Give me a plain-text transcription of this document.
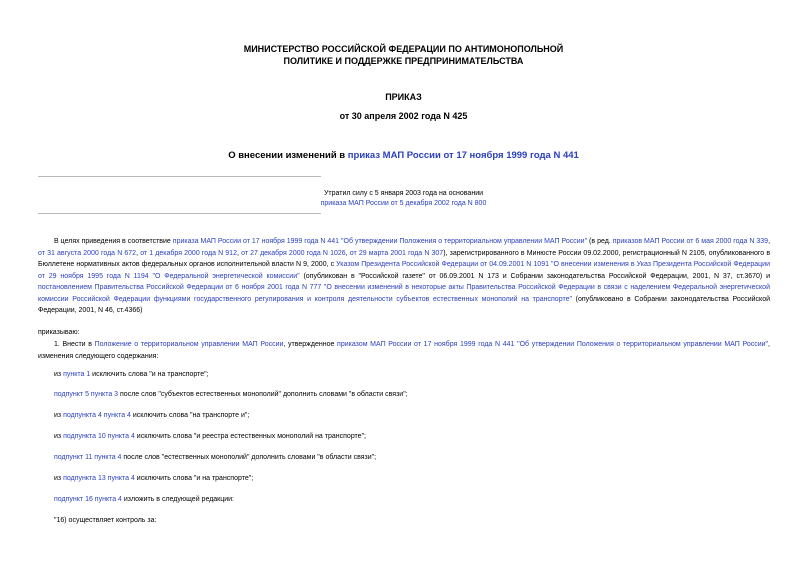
МИНИСТЕРСТВО РОССИЙСКОЙ ФЕДЕРАЦИИ ПО АНТИМОНОПОЛЬНОЙ
ПОЛИТИКЕ И ПОДДЕРЖКЕ ПРЕДПРИНИМАТЕЛЬСТВА
ПРИКАЗ
от 30 апреля 2002 года N 425
О внесении изменений в приказ МАП России от 17 ноября 1999 года N 441
Утратил силу с 5 января 2003 года на основании
приказа МАП России от 5 декабря 2002 года N 800
В целях приведения в соответствие приказа МАП России от 17 ноября 1999 года N 441 "Об утверждении Положения о территориальном управлении МАП России" (в ред. приказов МАП России от 6 мая 2000 года N 339, от 31 августа 2000 года N 672, от 1 декабря 2000 года N 912, от 27 декабря 2000 года N 1026, от 29 марта 2001 года N 307), зарегистрированного в Минюсте России 09.02.2000, регистрационный N 2105, опубликованного в Бюллетене нормативных актов федеральных органов исполнительной власти N 9, 2000, с Указом Президента Российской Федерации от 04.09.2001 N 1091 "О внесении изменения в Указ Президента Российской Федерации от 29 ноября 1995 года N 1194 "О Федеральной энергетической комиссии" (опубликован в "Российской газете" от 06.09.2001 N 173 и Собрании законодательства Российской Федерации, 2001, N 37, ст.3670) и постановлением Правительства Российской Федерации от 6 ноября 2001 года N 777 "О внесении изменений в некоторые акты Правительства Российской Федерации в связи с наделением Федеральной энергетической комиссии Российской Федерации функциями государственного регулирования и контроля деятельности субъектов естественных монополий на транспорте" (опубликовано в Собрании законодательства Российской Федерации, 2001, N 46, ст.4366)
приказываю:
1. Внести в Положение о территориальном управлении МАП России, утвержденное приказом МАП России от 17 ноября 1999 года N 441 "Об утверждении Положения о территориальном управлении МАП России", изменения следующего содержания:
из пункта 1 исключить слова "и на транспорте";
подпункт 5 пункта 3 после слов "субъектов естественных монополий" дополнить словами "в области связи";
из подпункта 4 пункта 4 исключить слова "на транспорте и";
из подпункта 10 пункта 4 исключить слова "и реестра естественных монополий на транспорте";
подпункт 11 пункта 4 после слов "естественных монополий" дополнить словами "в области связи";
из подпункта 13 пункта 4 исключить слова "и на транспорте";
подпункт 16 пункта 4 изложить в следующей редакции:
"16) осуществляет контроль за:
